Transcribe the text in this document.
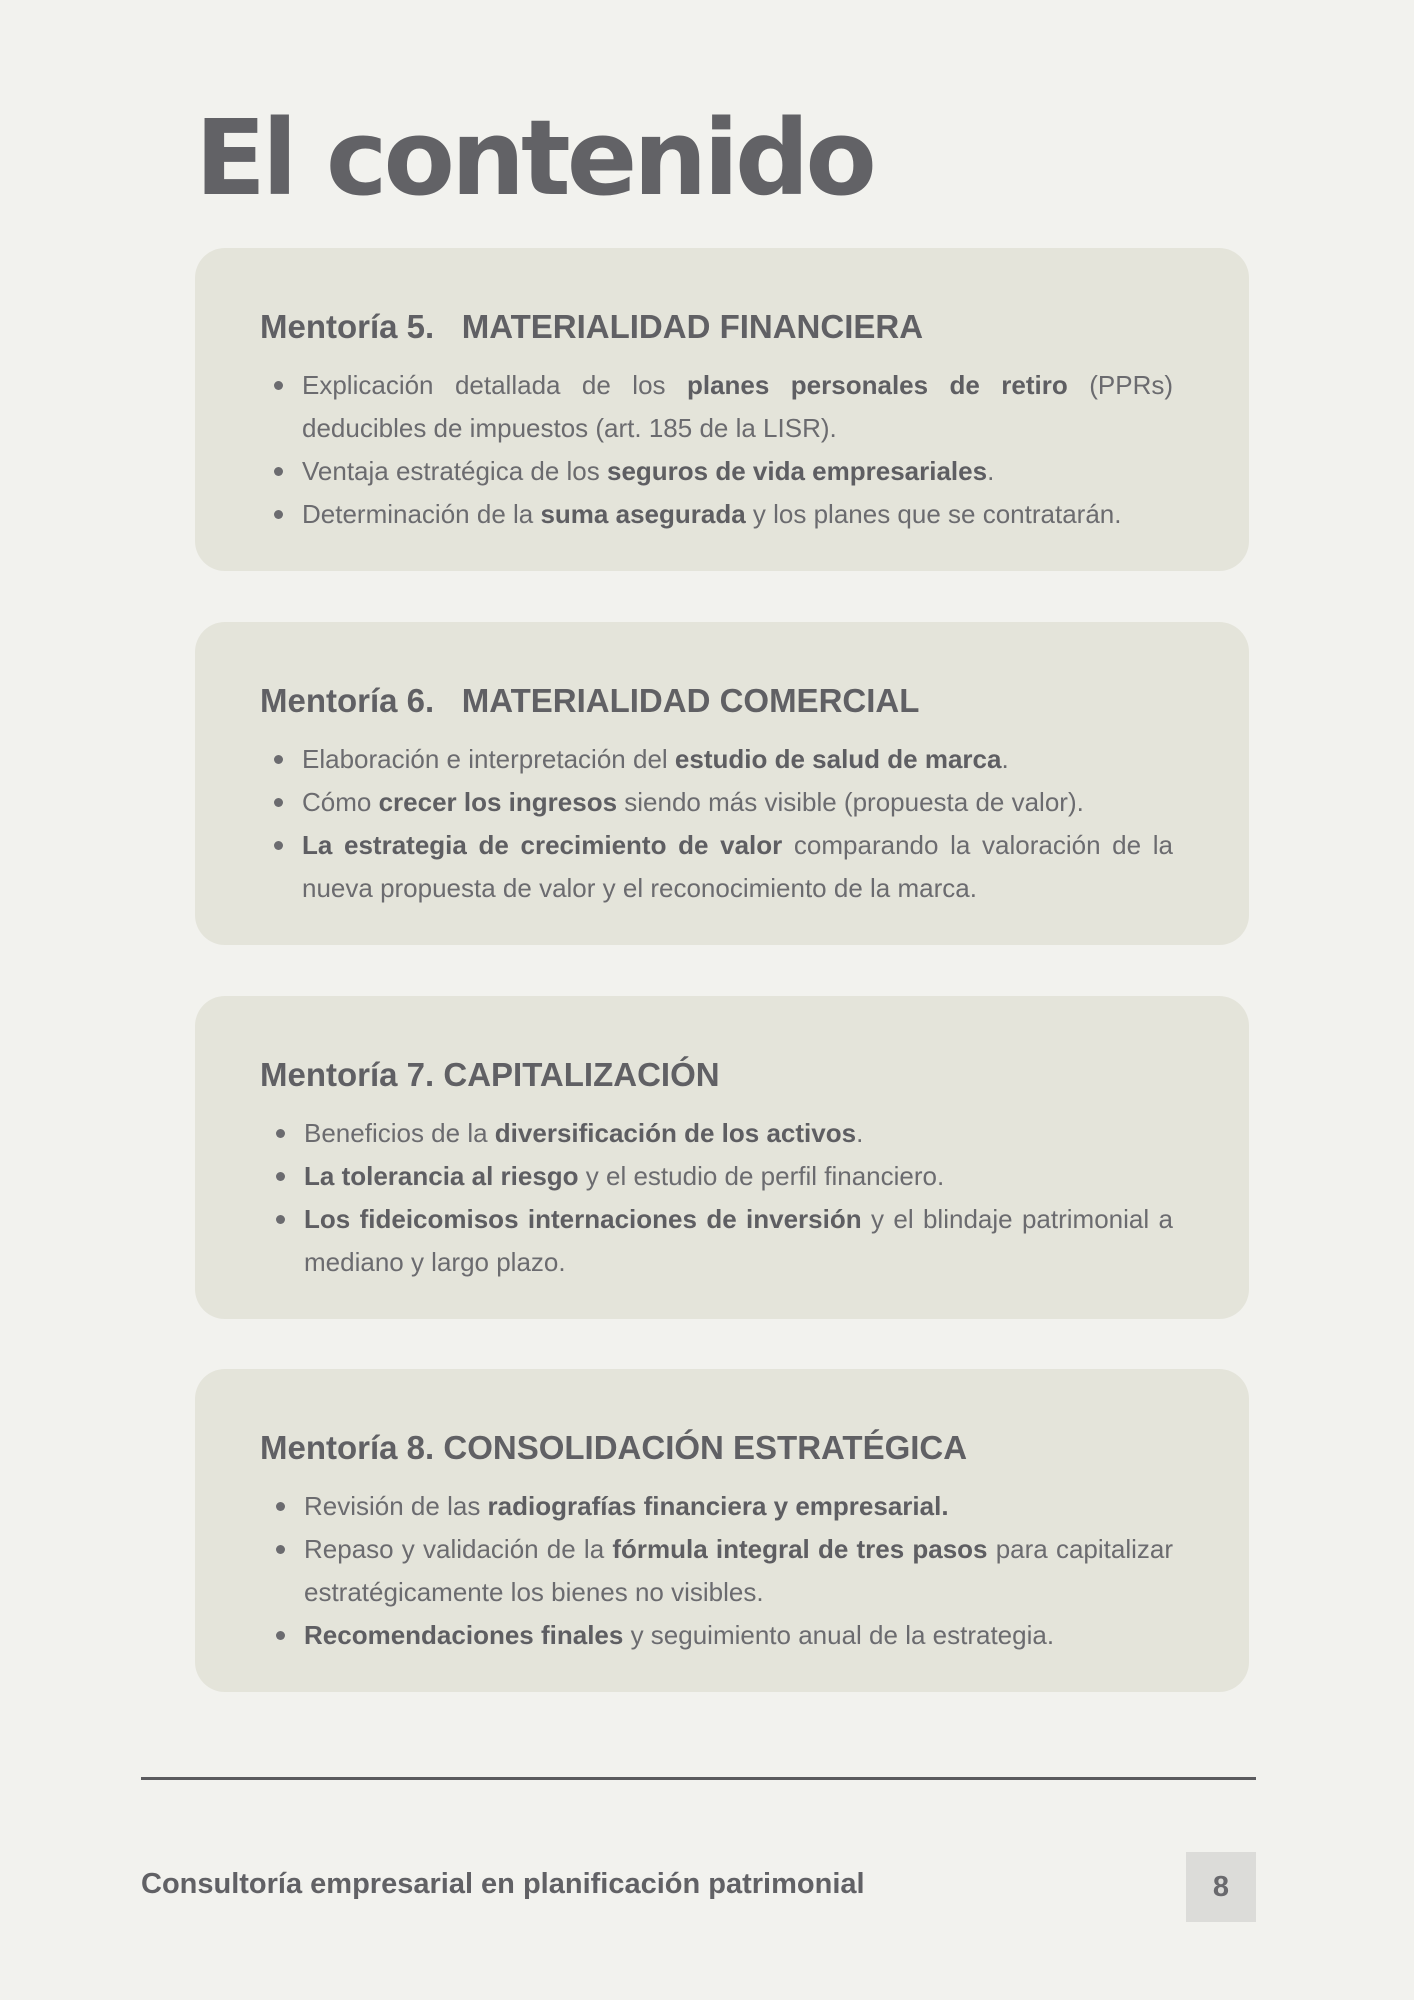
El contenido
Mentoría 5.   MATERIALIDAD FINANCIERA
Explicación detallada de los planes personales de retiro (PPRs) deducibles de impuestos (art. 185 de la LISR).
Ventaja estratégica de los seguros de vida empresariales.
Determinación de la suma asegurada y los planes que se contratarán.
Mentoría 6.   MATERIALIDAD COMERCIAL
Elaboración e interpretación del estudio de salud de marca.
Cómo crecer los ingresos siendo más visible (propuesta de valor).
La estrategia de crecimiento de valor comparando la valoración de la nueva propuesta de valor y el reconocimiento de la marca.
Mentoría 7. CAPITALIZACIÓN
Beneficios de la diversificación de los activos.
La tolerancia al riesgo y el estudio de perfil financiero.
Los fideicomisos internaciones de inversión y el blindaje patrimonial a mediano y largo plazo.
Mentoría 8. CONSOLIDACIÓN ESTRATÉGICA
Revisión de las radiografías financiera y empresarial.
Repaso y validación de la fórmula integral de tres pasos para capitalizar estratégicamente los bienes no visibles.
Recomendaciones finales y seguimiento anual de la estrategia.
Consultoría empresarial en planificación patrimonial	8
